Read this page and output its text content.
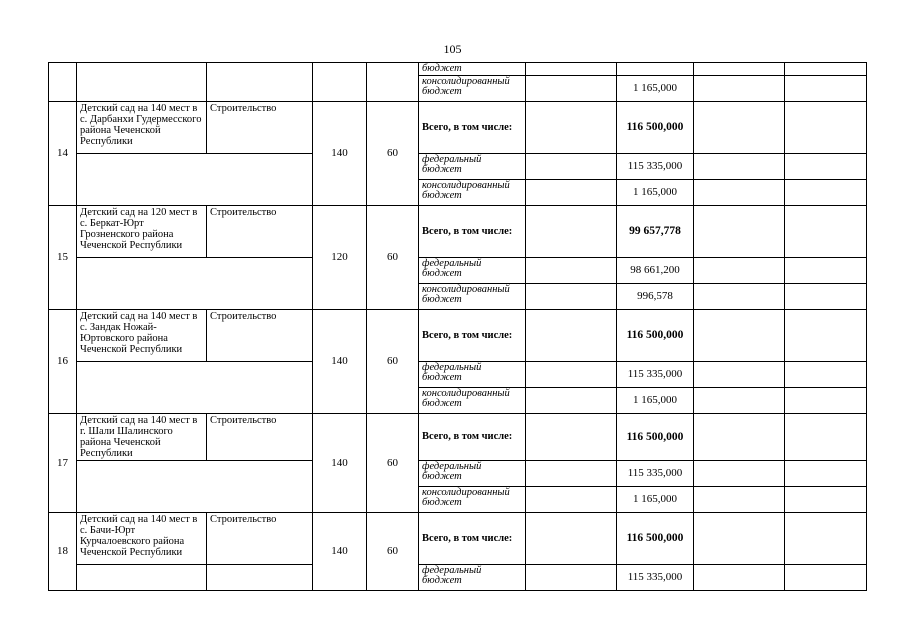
105
					бюджет				
					консолидированный бюджет		1 165,000		
14	Детский сад на 140 мест в с. Дарбанхи Гудермесского района Чеченской Республики	Строительство	140	60	Всего, в том числе:		116 500,000		
					федеральный бюджет		115 335,000		
					консолидированный бюджет		1 165,000		
15	Детский сад на 120 мест в с. Беркат-Юрт Грозненского района Чеченской Республики	Строительство	120	60	Всего, в том числе:		99 657,778		
					федеральный бюджет		98 661,200		
					консолидированный бюджет		996,578		
16	Детский сад на 140 мест в с. Зандак Ножай-Юртовского района Чеченской Республики	Строительство	140	60	Всего, в том числе:		116 500,000		
					федеральный бюджет		115 335,000		
					консолидированный бюджет		1 165,000		
17	Детский сад на 140 мест в г. Шали Шалинского района Чеченской Республики	Строительство	140	60	Всего, в том числе:		116 500,000		
					федеральный бюджет		115 335,000		
					консолидированный бюджет		1 165,000		
18	Детский сад на 140 мест в с. Бачи-Юрт Курчалоевского района Чеченской Республики	Строительство	140	60	Всего, в том числе:		116 500,000		
					федеральный бюджет		115 335,000		
